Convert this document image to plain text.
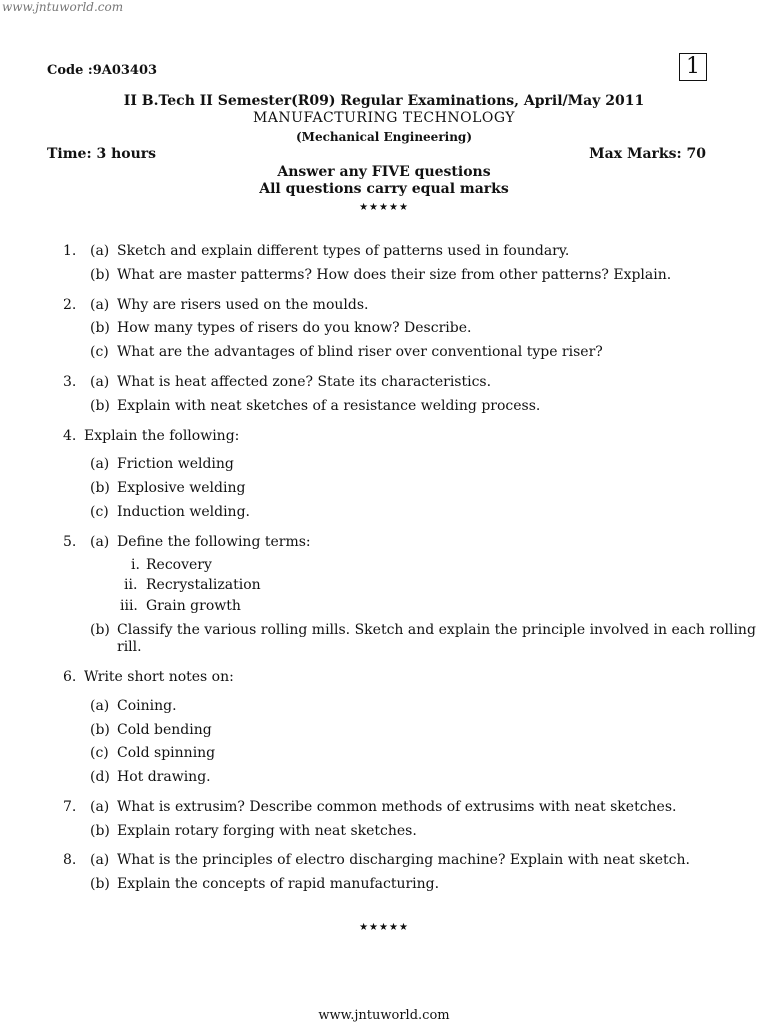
www.jntuworld.com
Code :9A03403	1
II B.Tech II Semester(R09) Regular Examinations, April/May 2011
MANUFACTURING TECHNOLOGY
(Mechanical Engineering)
Time: 3 hours	Max Marks: 70
Answer any FIVE questions
All questions carry equal marks
★★★★★
1. (a) Sketch and explain different types of patterns used in foundary.
(b) What are master patterms? How does their size from other patterns? Explain.
2. (a) Why are risers used on the moulds.
(b) How many types of risers do you know? Describe.
(c) What are the advantages of blind riser over conventional type riser?
3. (a) What is heat affected zone? State its characteristics.
(b) Explain with neat sketches of a resistance welding process.
4. Explain the following:
(a) Friction welding
(b) Explosive welding
(c) Induction welding.
5. (a) Define the following terms:
i. Recovery
ii. Recrystalization
iii. Grain growth
(b) Classify the various rolling mills. Sketch and explain the principle involved in each rolling
rill.
6. Write short notes on:
(a) Coining.
(b) Cold bending
(c) Cold spinning
(d) Hot drawing.
7. (a) What is extrusim? Describe common methods of extrusims with neat sketches.
(b) Explain rotary forging with neat sketches.
8. (a) What is the principles of electro discharging machine? Explain with neat sketch.
(b) Explain the concepts of rapid manufacturing.
★★★★★
www.jntuworld.com
